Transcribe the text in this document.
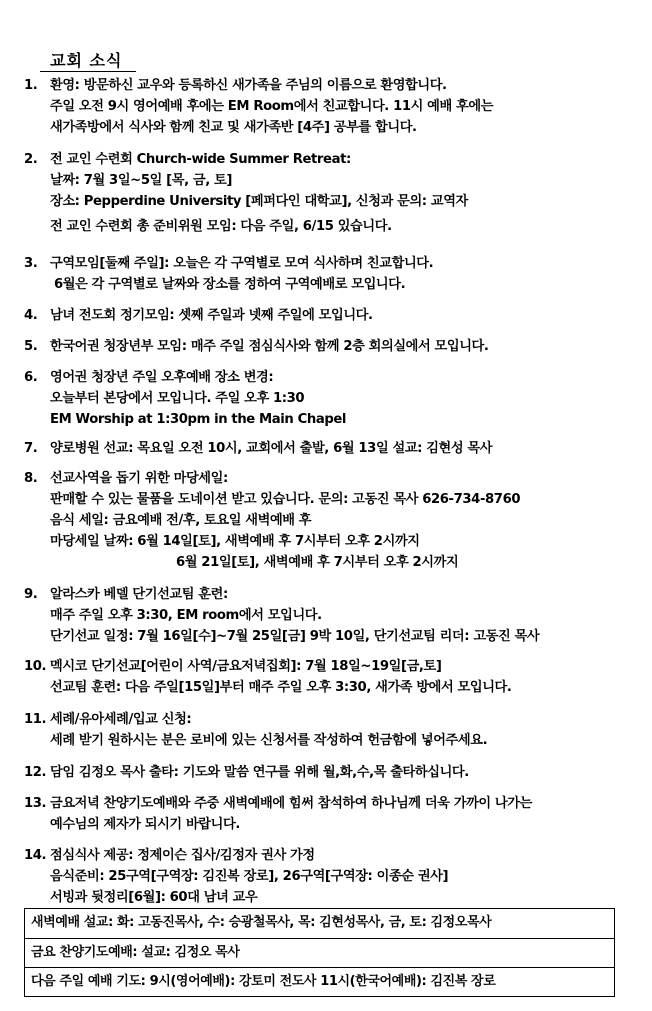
교회 소식
1. 환영: 방문하신 교우와 등록하신 새가족을 주님의 이름으로 환영합니다.
주일 오전 9시 영어예배 후에는 EM Room에서 친교합니다. 11시 예배 후에는
새가족방에서 식사와 함께 친교 및 새가족반 [4주] 공부를 합니다.
2. 전 교인 수련회 Church-wide Summer Retreat:
날짜: 7월 3일~5일 [목, 금, 토]
장소: Pepperdine University [페퍼다인 대학교], 신청과 문의: 교역자
전 교인 수련회 총 준비위원 모임: 다음 주일, 6/15 있습니다.
3. 구역모임[둘째 주일]: 오늘은 각 구역별로 모여 식사하며 친교합니다.
6월은 각 구역별로 날짜와 장소를 정하여 구역예배로 모입니다.
4. 남녀 전도회 정기모임: 셋째 주일과 넷째 주일에 모입니다.
5. 한국어권 청장년부 모임: 매주 주일 점심식사와 함께 2층 회의실에서 모입니다.
6. 영어권 청장년 주일 오후예배 장소 변경:
오늘부터 본당에서 모입니다. 주일 오후 1:30
EM Worship at 1:30pm in the Main Chapel
7. 양로병원 선교: 목요일 오전 10시, 교회에서 출발, 6월 13일 설교: 김현성 목사
8. 선교사역을 돕기 위한 마당세일:
판매할 수 있는 물품을 도네이션 받고 있습니다. 문의: 고동진 목사 626-734-8760
음식 세일: 금요예배 전/후, 토요일 새벽예배 후
마당세일 날짜: 6월 14일[토], 새벽예배 후 7시부터 오후 2시까지
6월 21일[토], 새벽예배 후 7시부터 오후 2시까지
9. 알라스카 베델 단기선교팀 훈련:
매주 주일 오후 3:30, EM room에서 모입니다.
단기선교 일정: 7월 16일[수]~7월 25일[금] 9박 10일, 단기선교팀 리더: 고동진 목사
10. 멕시코 단기선교[어린이 사역/금요저녁집회]: 7월 18일~19일[금,토]
선교팀 훈련: 다음 주일[15일]부터 매주 주일 오후 3:30, 새가족 방에서 모입니다.
11. 세례/유아세례/입교 신청:
세례 받기 원하시는 분은 로비에 있는 신청서를 작성하여 헌금함에 넣어주세요.
12. 담임 김정오 목사 출타: 기도와 말씀 연구를 위해 월,화,수,목 출타하십니다.
13. 금요저녁 찬양기도예배와 주중 새벽예배에 힘써 참석하여 하나님께 더욱 가까이 나가는
예수님의 제자가 되시기 바랍니다.
14. 점심식사 제공: 정제이슨 집사/김정자 권사 가정
음식준비: 25구역[구역장: 김진복 장로], 26구역[구역장: 이종순 권사]
서빙과 뒷정리[6월]: 60대 남녀 교우
새벽예배 설교: 화: 고동진목사, 수: 승광철목사, 목: 김현성목사, 금, 토: 김정오목사
금요 찬양기도예배: 설교: 김정오 목사
다음 주일 예배 기도: 9시(영어예배): 강토미 전도사 11시(한국어예배): 김진복 장로
